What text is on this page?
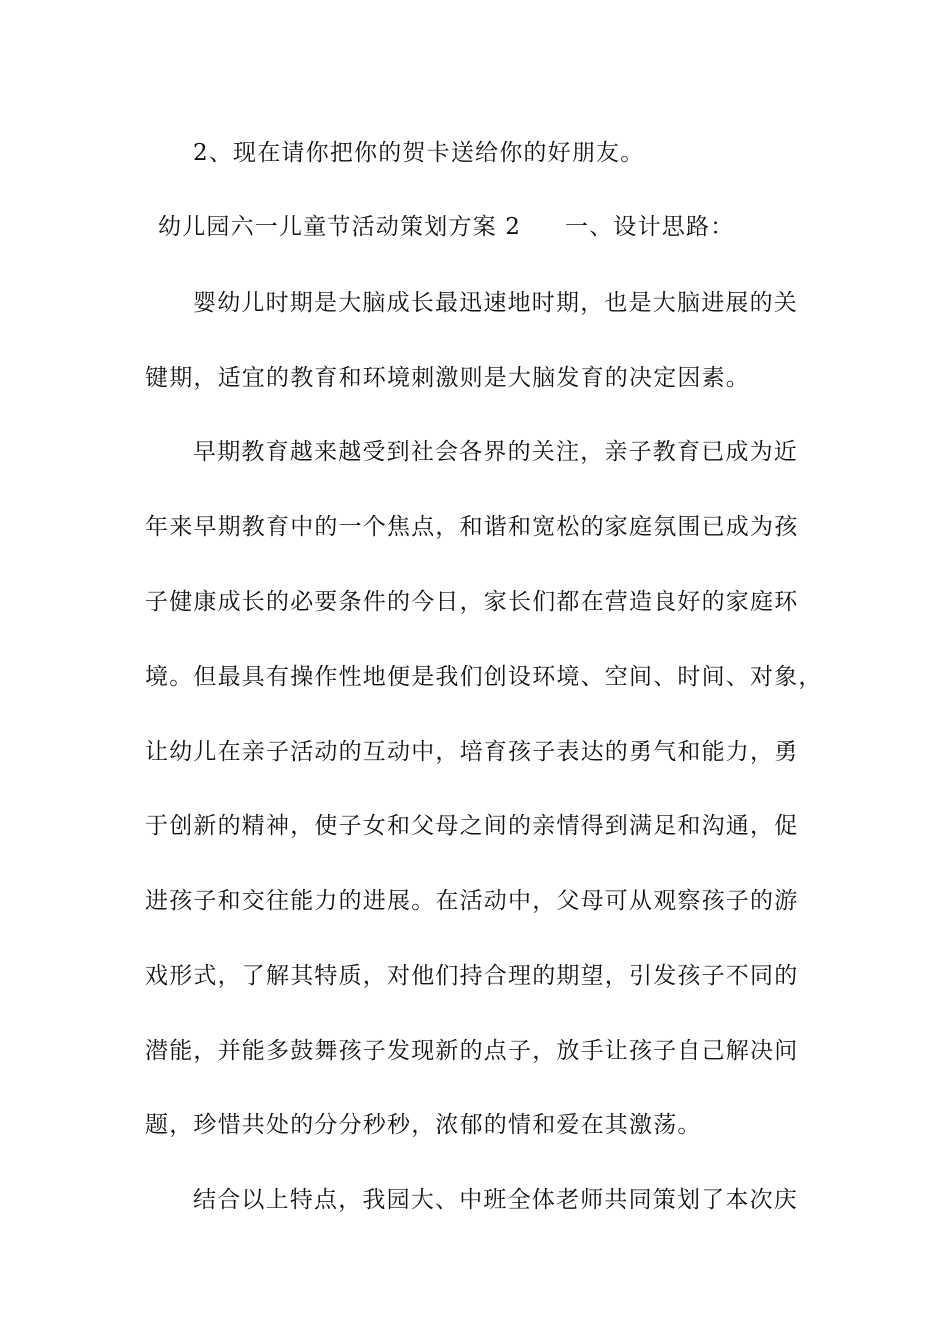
2、现在请你把你的贺卡送给你的好朋友。
幼儿园六一儿童节活动策划方案 2 一、设计思路：
婴幼儿时期是大脑成长最迅速地时期，也是大脑进展的关
键期，适宜的教育和环境刺激则是大脑发育的决定因素。
早期教育越来越受到社会各界的关注，亲子教育已成为近
年来早期教育中的一个焦点，和谐和宽松的家庭氛围已成为孩
子健康成长的必要条件的今日，家长们都在营造良好的家庭环
境。但最具有操作性地便是我们创设环境、空间、时间、对象，
让幼儿在亲子活动的互动中，培育孩子表达的勇气和能力，勇
于创新的精神，使子女和父母之间的亲情得到满足和沟通，促
进孩子和交往能力的进展。在活动中，父母可从观察孩子的游
戏形式，了解其特质，对他们持合理的期望，引发孩子不同的
潜能，并能多鼓舞孩子发现新的点子，放手让孩子自己解决问
题，珍惜共处的分分秒秒，浓郁的情和爱在其激荡。
结合以上特点，我园大、中班全体老师共同策划了本次庆
